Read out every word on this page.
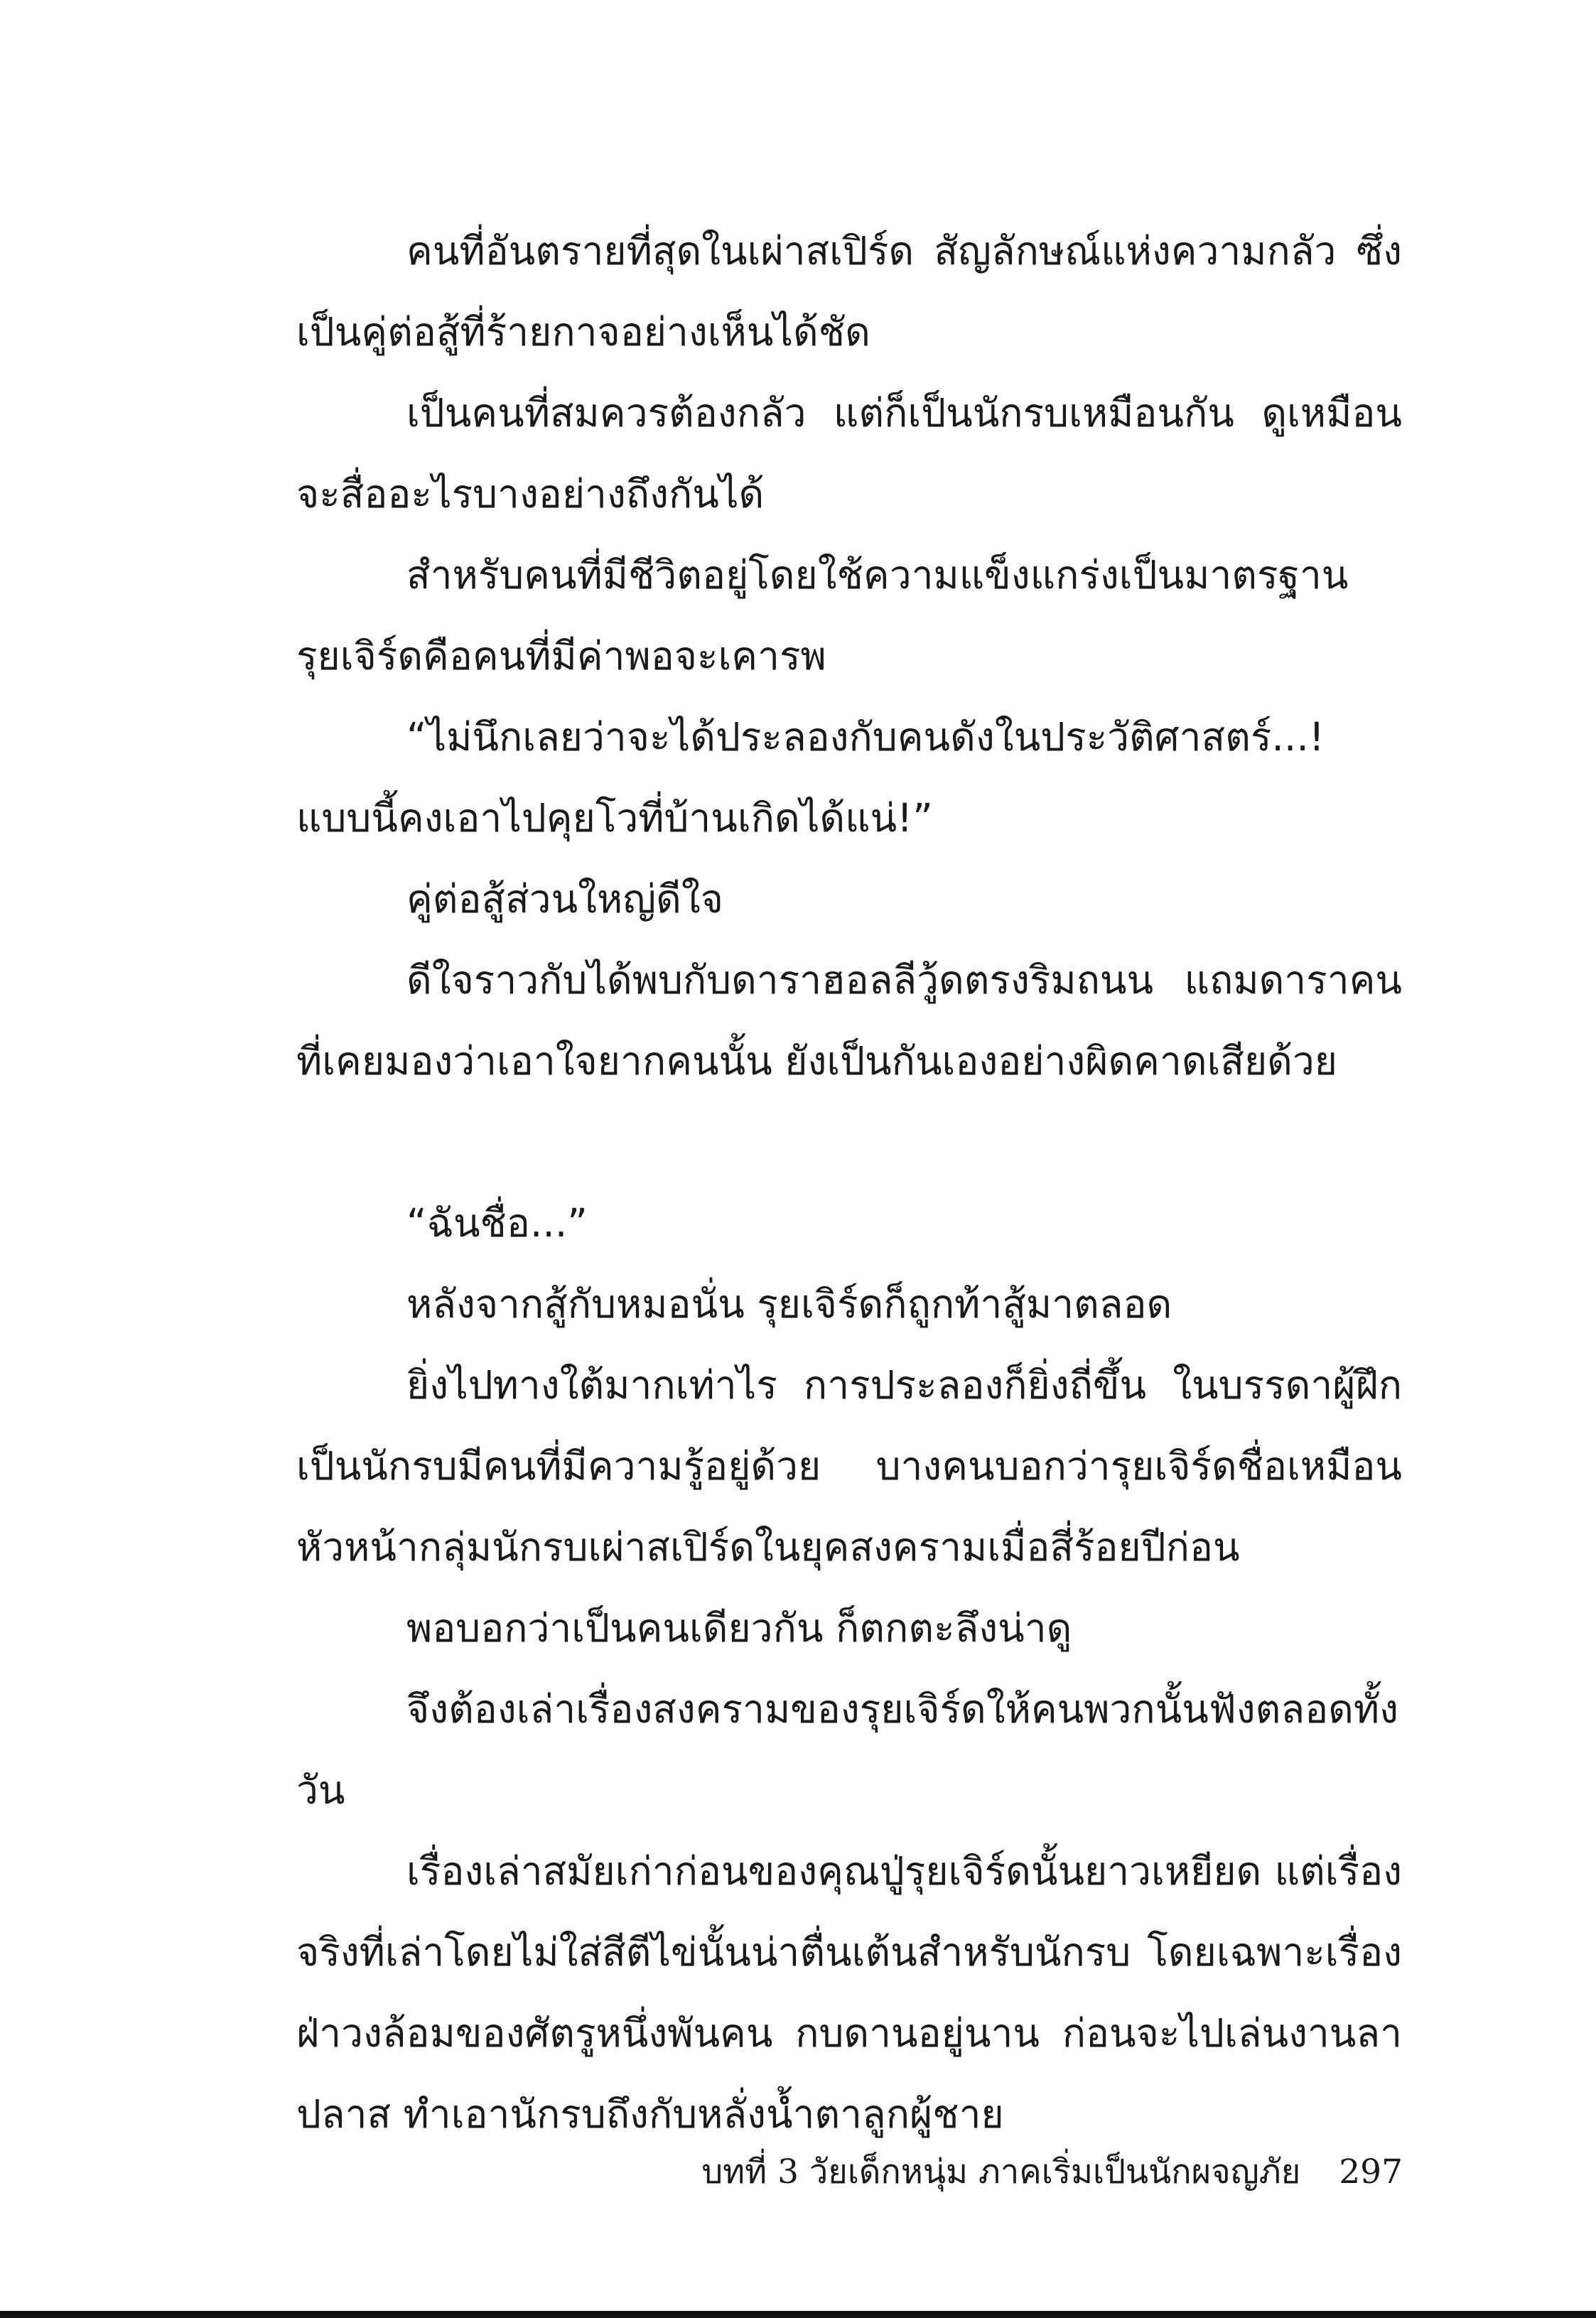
คนที่อันตรายที่สุดในเผ่าสเปิร์ด สัญลักษณ์แห่งความกลัว ซึ่งเป็นคู่ต่อสู้ที่ร้ายกาจอย่างเห็นได้ชัด

เป็นคนที่สมควรต้องกลัว แต่ก็เป็นนักรบเหมือนกัน ดูเหมือนจะสื่ออะไรบางอย่างถึงกันได้

สำหรับคนที่มีชีวิตอยู่โดยใช้ความแข็งแกร่งเป็นมาตรฐาน รุยเจิร์ดคือคนที่มีค่าพอจะเคารพ

“ไม่นึกเลยว่าจะได้ประลองกับคนดังในประวัติศาสตร์...! แบบนี้คงเอาไปคุยโวที่บ้านเกิดได้แน่!”

คู่ต่อสู้ส่วนใหญ่ดีใจ

ดีใจราวกับได้พบกับดาราฮอลลีวู้ดตรงริมถนน แถมดาราคนที่เคยมองว่าเอาใจยากคนนั้น ยังเป็นกันเองอย่างผิดคาดเสียด้วย

“ฉันชื่อ...”

หลังจากสู้กับหมอนั่น รุยเจิร์ดก็ถูกท้าสู้มาตลอด

ยิ่งไปทางใต้มากเท่าไร การประลองก็ยิ่งถี่ขึ้น ในบรรดาผู้ฝึกเป็นนักรบมีคนที่มีความรู้อยู่ด้วย บางคนบอกว่ารุยเจิร์ดชื่อเหมือนหัวหน้ากลุ่มนักรบเผ่าสเปิร์ดในยุคสงครามเมื่อสี่ร้อยปีก่อน

พอบอกว่าเป็นคนเดียวกัน ก็ตกตะลึงน่าดู

จึงต้องเล่าเรื่องสงครามของรุยเจิร์ดให้คนพวกนั้นฟังตลอดทั้งวัน

เรื่องเล่าสมัยเก่าก่อนของคุณปู่รุยเจิร์ดนั้นยาวเหยียด แต่เรื่องจริงที่เล่าโดยไม่ใส่สีตีไข่นั้นน่าตื่นเต้นสำหรับนักรบ โดยเฉพาะเรื่องฝ่าวงล้อมของศัตรูหนึ่งพันคน กบดานอยู่นาน ก่อนจะไปเล่นงานลาปลาส ทำเอานักรบถึงกับหลั่งน้ำตาลูกผู้ชาย

บทที่ 3 วัยเด็กหนุ่ม ภาคเริ่มเป็นนักผจญภัย 297
